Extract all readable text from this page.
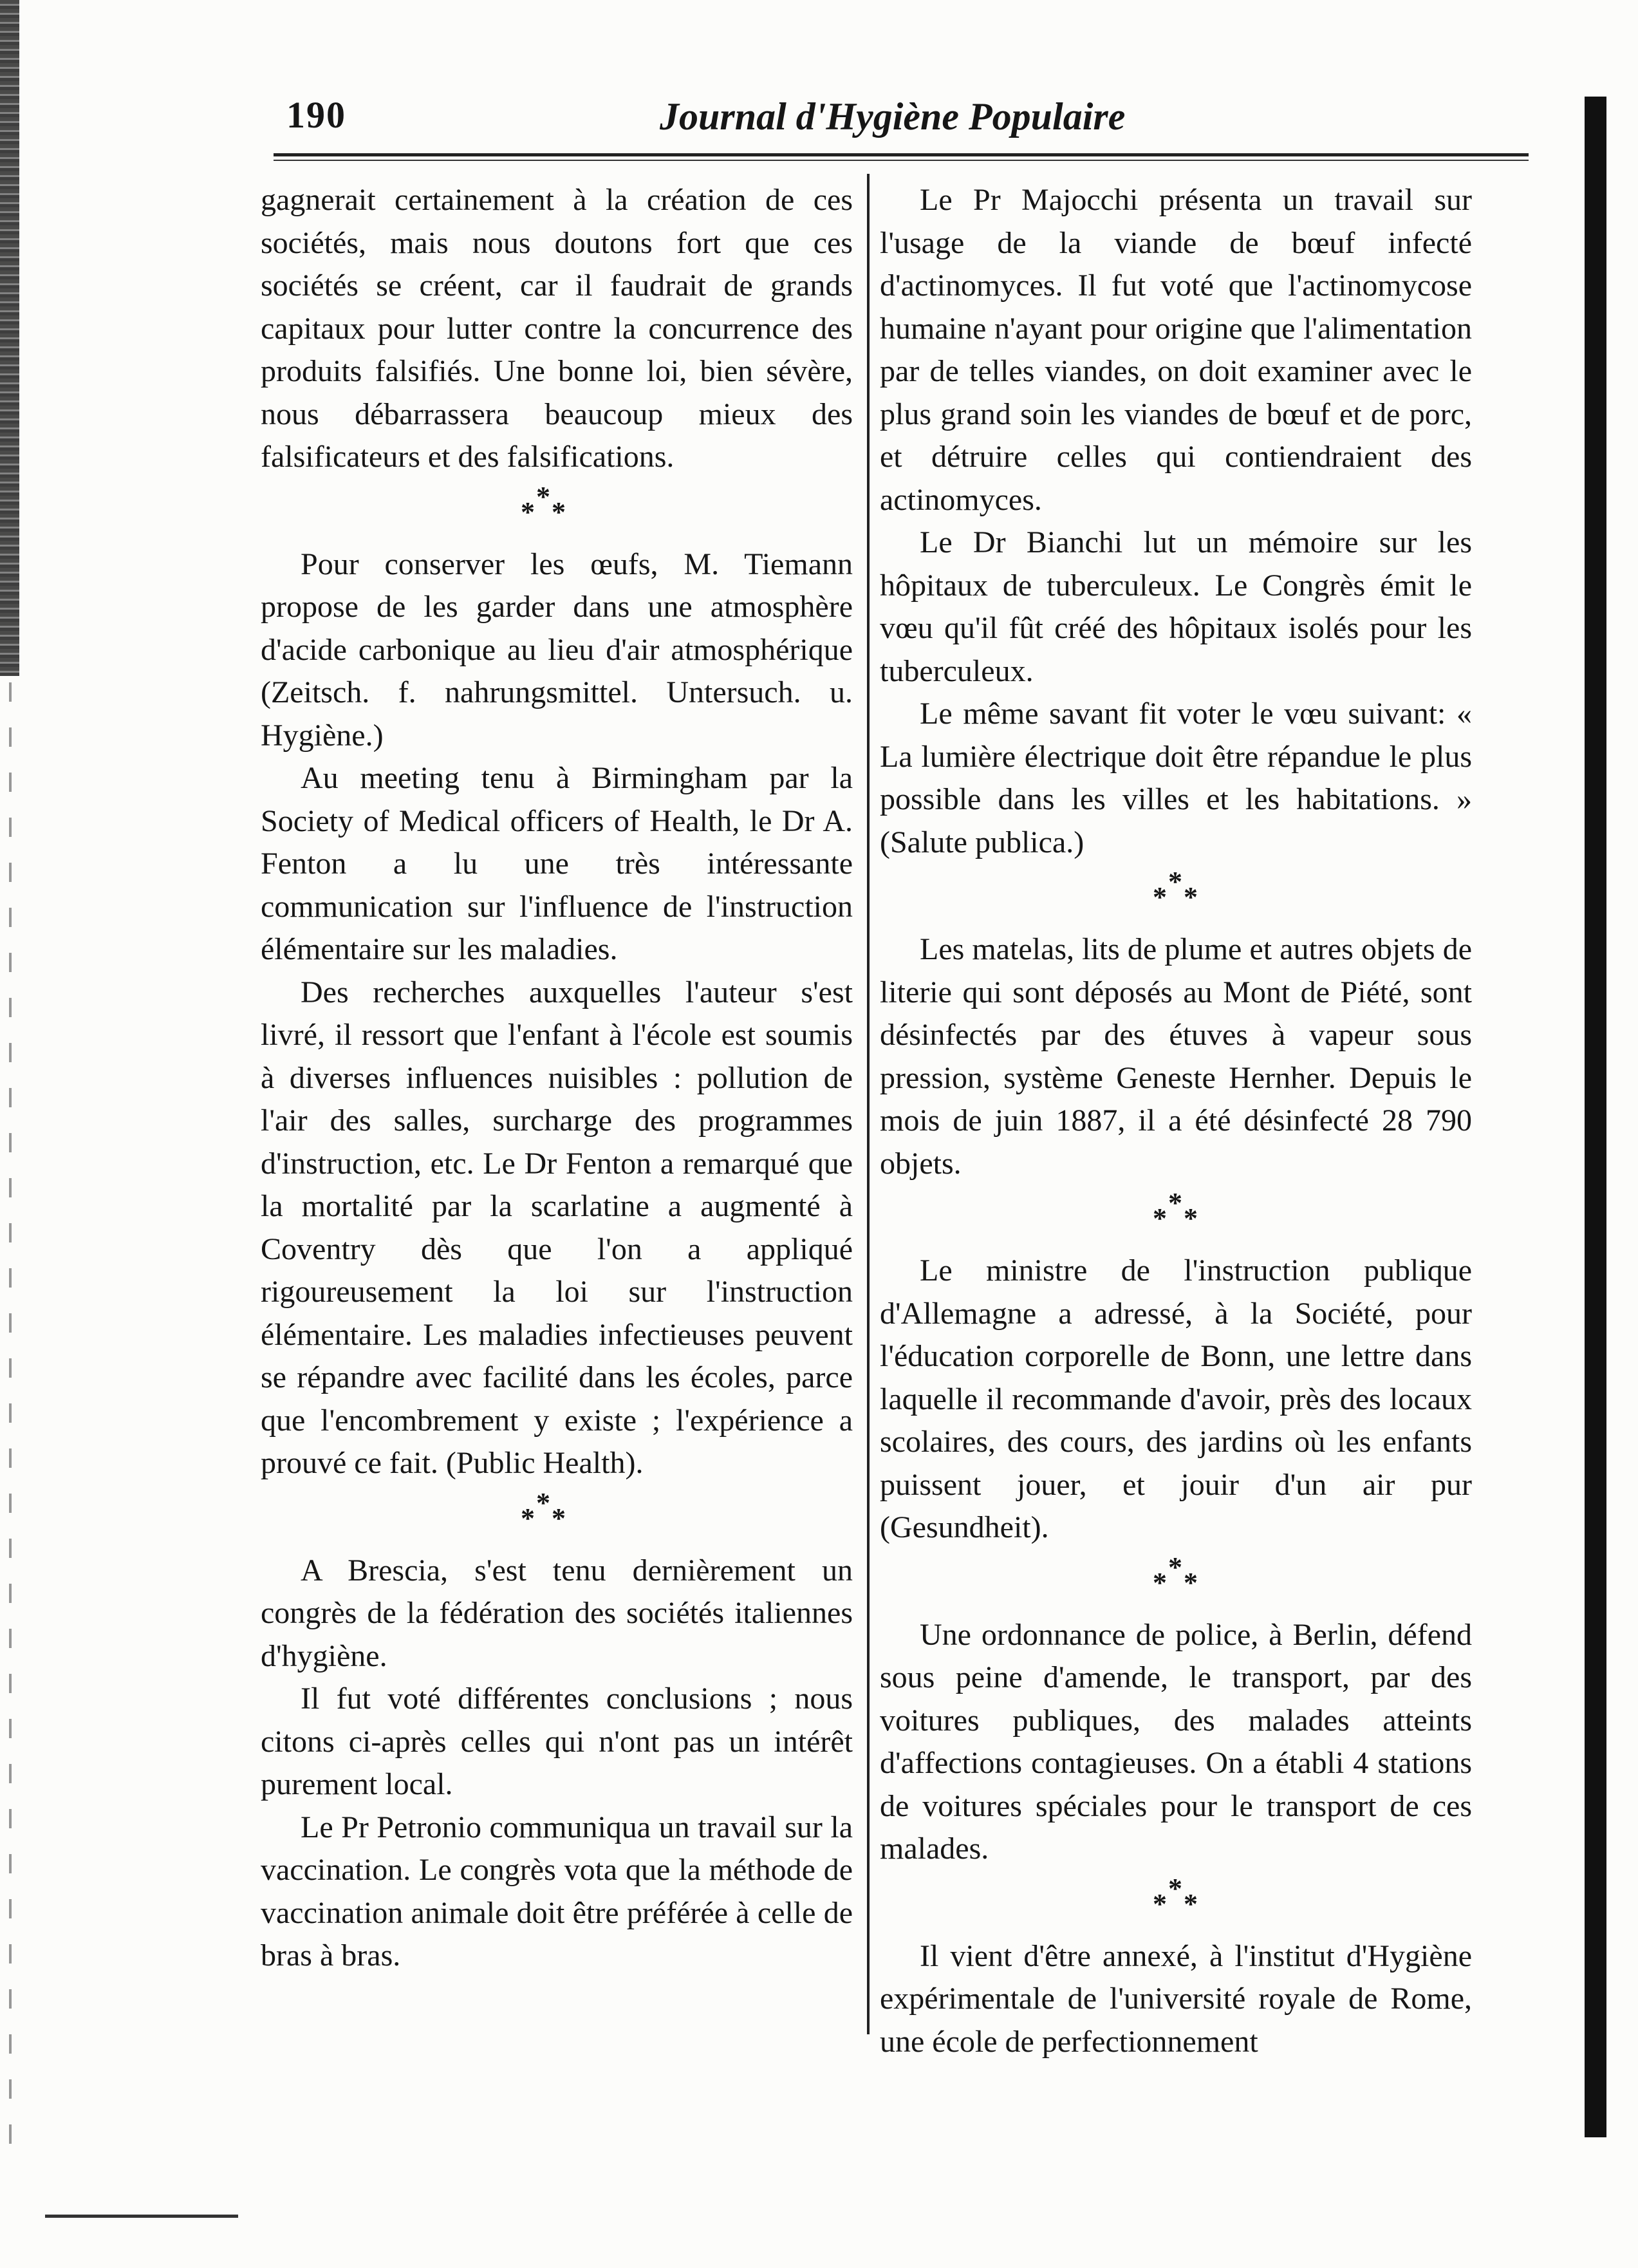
190	Journal d'Hygiène Populaire

gagnerait certainement à la création de ces sociétés, mais nous doutons fort que ces sociétés se créent, car il faudrait de grands capitaux pour lutter contre la concurrence des produits falsifiés. Une bonne loi, bien sévère, nous débarrassera beaucoup mieux des falsificateurs et des falsifications.

*
* *

Pour conserver les œufs, M. Tiemann propose de les garder dans une atmosphère d'acide carbonique au lieu d'air atmosphérique (Zeitsch. f. nahrungsmittel. Untersuch. u. Hygiène.)

Au meeting tenu à Birmingham par la Society of Medical officers of Health, le Dr A. Fenton a lu une très intéressante communication sur l'influence de l'instruction élémentaire sur les maladies.

Des recherches auxquelles l'auteur s'est livré, il ressort que l'enfant à l'école est soumis à diverses influences nuisibles : pollution de l'air des salles, surcharge des programmes d'instruction, etc. Le Dr Fenton a remarqué que la mortalité par la scarlatine a augmenté à Coventry dès que l'on a appliqué rigoureusement la loi sur l'instruction élémentaire. Les maladies infectieuses peuvent se répandre avec facilité dans les écoles, parce que l'encombrement y existe ; l'expérience a prouvé ce fait. (Public Health).

*
* *

A Brescia, s'est tenu dernièrement un congrès de la fédération des sociétés italiennes d'hygiène.

Il fut voté différentes conclusions ; nous citons ci-après celles qui n'ont pas un intérêt purement local.

Le Pr Petronio communiqua un travail sur la vaccination. Le congrès vota que la méthode de vaccination animale doit être préférée à celle de bras à bras.

Le Pr Majocchi présenta un travail sur l'usage de la viande de bœuf infecté d'actinomyces. Il fut voté que l'actinomycose humaine n'ayant pour origine que l'alimentation par de telles viandes, on doit examiner avec le plus grand soin les viandes de bœuf et de porc, et détruire celles qui contiendraient des actinomyces.

Le Dr Bianchi lut un mémoire sur les hôpitaux de tuberculeux. Le Congrès émit le vœu qu'il fût créé des hôpitaux isolés pour les tuberculeux.

Le même savant fit voter le vœu suivant: « La lumière électrique doit être répandue le plus possible dans les villes et les habitations. » (Salute publica.)

*
* *

Les matelas, lits de plume et autres objets de literie qui sont déposés au Mont de Piété, sont désinfectés par des étuves à vapeur sous pression, système Geneste Hernher. Depuis le mois de juin 1887, il a été désinfecté 28 790 objets.

*
* *

Le ministre de l'instruction publique d'Allemagne a adressé, à la Société, pour l'éducation corporelle de Bonn, une lettre dans laquelle il recommande d'avoir, près des locaux scolaires, des cours, des jardins où les enfants puissent jouer, et jouir d'un air pur (Gesundheit).

*
* *

Une ordonnance de police, à Berlin, défend sous peine d'amende, le transport, par des voitures publiques, des malades atteints d'affections contagieuses. On a établi 4 stations de voitures spéciales pour le transport de ces malades.

*
* *

Il vient d'être annexé, à l'institut d'Hygiène expérimentale de l'université royale de Rome, une école de perfectionnement
